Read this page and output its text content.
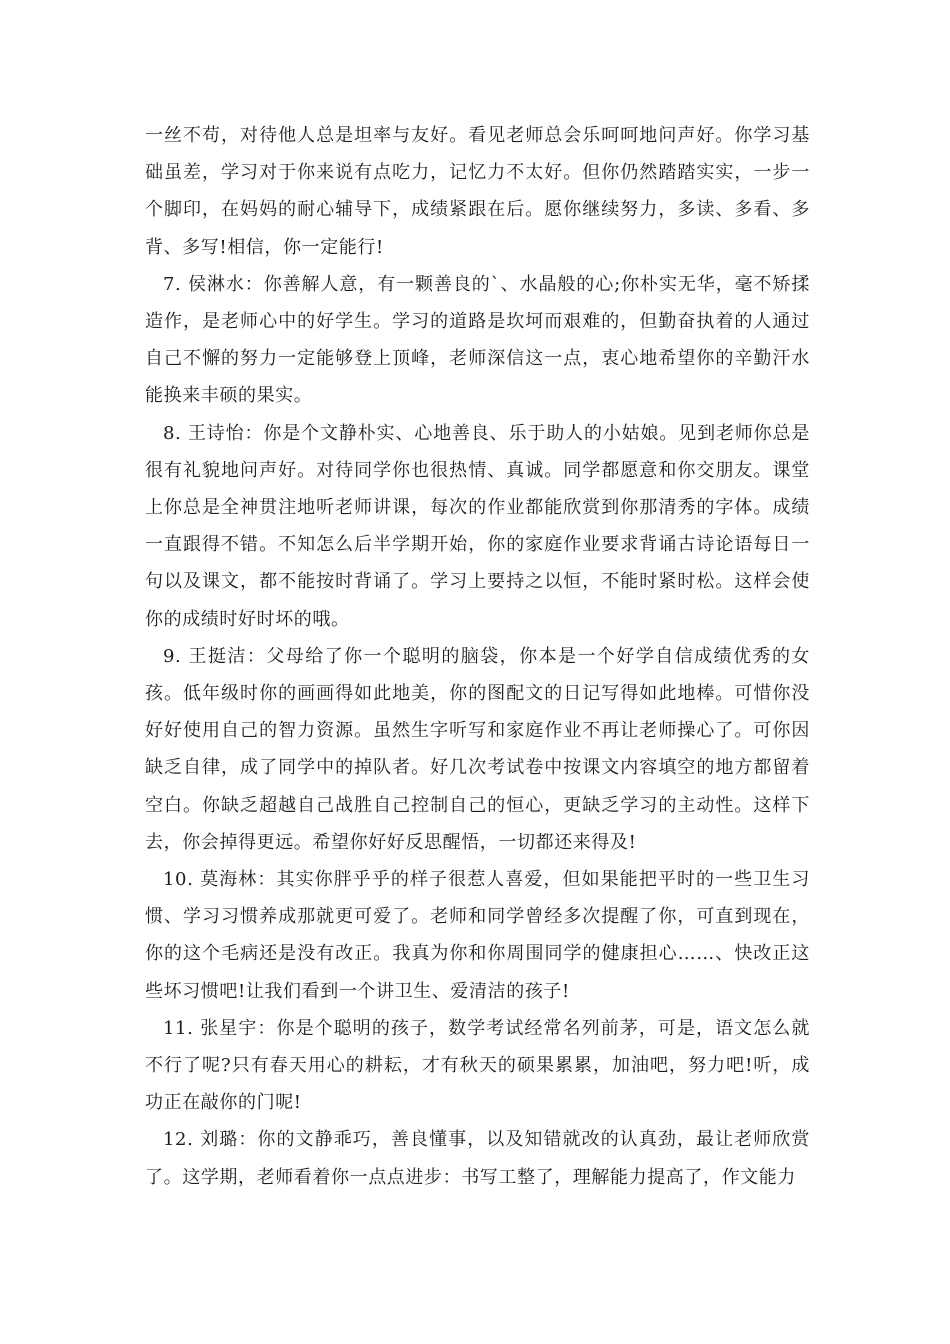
一丝不苟，对待他人总是坦率与友好。看见老师总会乐呵呵地问声好。你学习基础虽差，学习对于你来说有点吃力，记忆力不太好。但你仍然踏踏实实，一步一个脚印，在妈妈的耐心辅导下，成绩紧跟在后。愿你继续努力，多读、多看、多背、多写!相信，你一定能行!

7. 侯淋水：你善解人意，有一颗善良的`、水晶般的心;你朴实无华，毫不矫揉造作，是老师心中的好学生。学习的道路是坎坷而艰难的，但勤奋执着的人通过自己不懈的努力一定能够登上顶峰，老师深信这一点，衷心地希望你的辛勤汗水能换来丰硕的果实。

8. 王诗怡：你是个文静朴实、心地善良、乐于助人的小姑娘。见到老师你总是很有礼貌地问声好。对待同学你也很热情、真诚。同学都愿意和你交朋友。课堂上你总是全神贯注地听老师讲课，每次的作业都能欣赏到你那清秀的字体。成绩一直跟得不错。不知怎么后半学期开始，你的家庭作业要求背诵古诗论语每日一句以及课文，都不能按时背诵了。学习上要持之以恒，不能时紧时松。这样会使你的成绩时好时坏的哦。

9. 王挺洁：父母给了你一个聪明的脑袋，你本是一个好学自信成绩优秀的女孩。低年级时你的画画得如此地美，你的图配文的日记写得如此地棒。可惜你没好好使用自己的智力资源。虽然生字听写和家庭作业不再让老师操心了。可你因缺乏自律，成了同学中的掉队者。好几次考试卷中按课文内容填空的地方都留着空白。你缺乏超越自己战胜自己控制自己的恒心，更缺乏学习的主动性。这样下去，你会掉得更远。希望你好好反思醒悟，一切都还来得及!

10. 莫海林：其实你胖乎乎的样子很惹人喜爱，但如果能把平时的一些卫生习惯、学习习惯养成那就更可爱了。老师和同学曾经多次提醒了你，可直到现在，你的这个毛病还是没有改正。我真为你和你周围同学的健康担心……、快改正这些坏习惯吧!让我们看到一个讲卫生、爱清洁的孩子!

11. 张星宇：你是个聪明的孩子，数学考试经常名列前茅，可是，语文怎么就不行了呢?只有春天用心的耕耘，才有秋天的硕果累累，加油吧，努力吧!听，成功正在敲你的门呢!

12. 刘璐：你的文静乖巧，善良懂事，以及知错就改的认真劲，最让老师欣赏了。这学期，老师看着你一点点进步：书写工整了，理解能力提高了，作文能力
